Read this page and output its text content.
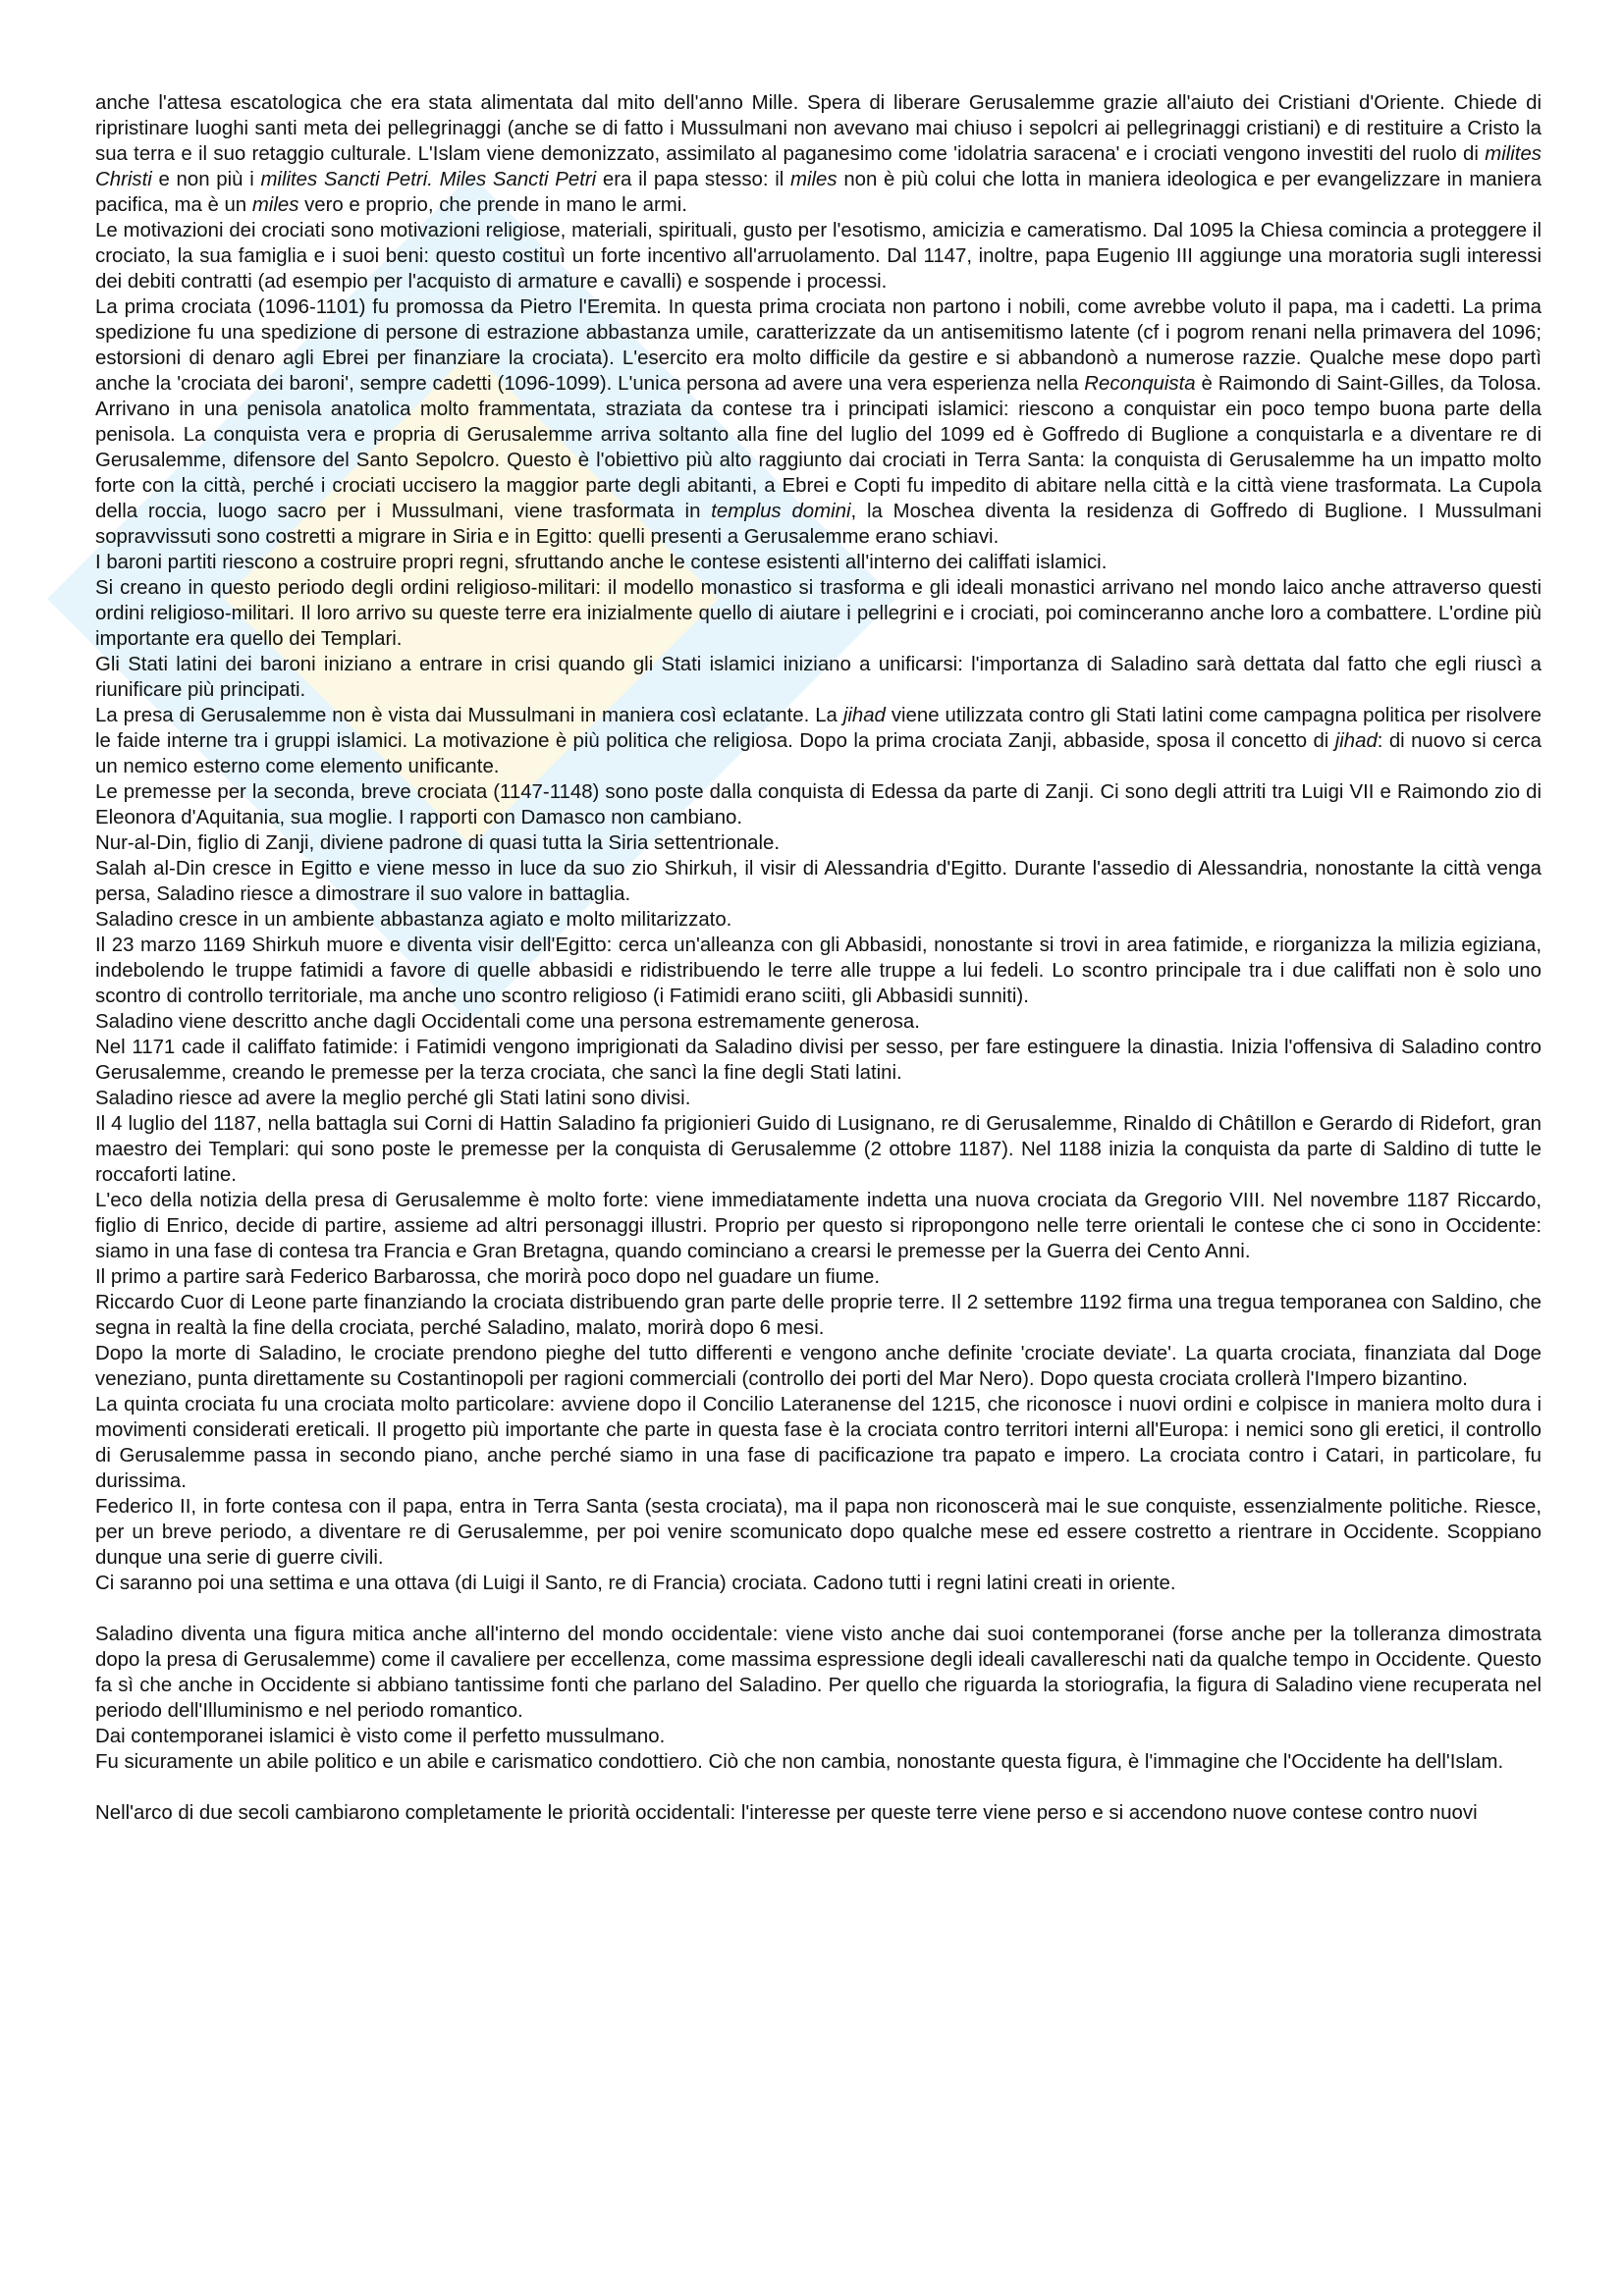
anche l'attesa escatologica che era stata alimentata dal mito dell'anno Mille. Spera di liberare Gerusalemme grazie all'aiuto dei Cristiani d'Oriente. Chiede di ripristinare luoghi santi meta dei pellegrinaggi (anche se di fatto i Mussulmani non avevano mai chiuso i sepolcri ai pellegrinaggi cristiani) e di restituire a Cristo la sua terra e il suo retaggio culturale. L'Islam viene demonizzato, assimilato al paganesimo come 'idolatria saracena' e i crociati vengono investiti del ruolo di milites Christi e non più i milites Sancti Petri. Miles Sancti Petri era il papa stesso: il miles non è più colui che lotta in maniera ideologica e per evangelizzare in maniera pacifica, ma è un miles vero e proprio, che prende in mano le armi.

Le motivazioni dei crociati sono motivazioni religiose, materiali, spirituali, gusto per l'esotismo, amicizia e cameratismo. Dal 1095 la Chiesa comincia a proteggere il crociato, la sua famiglia e i suoi beni: questo costituì un forte incentivo all'arruolamento. Dal 1147, inoltre, papa Eugenio III aggiunge una moratoria sugli interessi dei debiti contratti (ad esempio per l'acquisto di armature e cavalli) e sospende i processi.

La prima crociata (1096-1101) fu promossa da Pietro l'Eremita. In questa prima crociata non partono i nobili, come avrebbe voluto il papa, ma i cadetti. La prima spedizione fu una spedizione di persone di estrazione abbastanza umile, caratterizzate da un antisemitismo latente (cf i pogrom renani nella primavera del 1096; estorsioni di denaro agli Ebrei per finanziare la crociata). L'esercito era molto difficile da gestire e si abbandonò a numerose razzie. Qualche mese dopo partì anche la 'crociata dei baroni', sempre cadetti (1096-1099). L'unica persona ad avere una vera esperienza nella Reconquista è Raimondo di Saint-Gilles, da Tolosa. Arrivano in una penisola anatolica molto frammentata, straziata da contese tra i principati islamici: riescono a conquistar ein poco tempo buona parte della penisola. La conquista vera e propria di Gerusalemme arriva soltanto alla fine del luglio del 1099 ed è Goffredo di Buglione a conquistarla e a diventare re di Gerusalemme, difensore del Santo Sepolcro. Questo è l'obiettivo più alto raggiunto dai crociati in Terra Santa: la conquista di Gerusalemme ha un impatto molto forte con la città, perché i crociati uccisero la maggior parte degli abitanti, a Ebrei e Copti fu impedito di abitare nella città e la città viene trasformata. La Cupola della roccia, luogo sacro per i Mussulmani, viene trasformata in templus domini, la Moschea diventa la residenza di Goffredo di Buglione. I Mussulmani sopravvissuti sono costretti a migrare in Siria e in Egitto: quelli presenti a Gerusalemme erano schiavi.

I baroni partiti riescono a costruire propri regni, sfruttando anche le contese esistenti all'interno dei califfati islamici.

Si creano in questo periodo degli ordini religioso-militari: il modello monastico si trasforma e gli ideali monastici arrivano nel mondo laico anche attraverso questi ordini religioso-militari. Il loro arrivo su queste terre era inizialmente quello di aiutare i pellegrini e i crociati, poi cominceranno anche loro a combattere. L'ordine più importante era quello dei Templari.

Gli Stati latini dei baroni iniziano a entrare in crisi quando gli Stati islamici iniziano a unificarsi: l'importanza di Saladino sarà dettata dal fatto che egli riuscì a riunificare più principati.

La presa di Gerusalemme non è vista dai Mussulmani in maniera così eclatante. La jihad viene utilizzata contro gli Stati latini come campagna politica per risolvere le faide interne tra i gruppi islamici. La motivazione è più politica che religiosa. Dopo la prima crociata Zanji, abbaside, sposa il concetto di jihad: di nuovo si cerca un nemico esterno come elemento unificante.

Le premesse per la seconda, breve crociata (1147-1148) sono poste dalla conquista di Edessa da parte di Zanji. Ci sono degli attriti tra Luigi VII e Raimondo zio di Eleonora d'Aquitania, sua moglie. I rapporti con Damasco non cambiano.

Nur-al-Din, figlio di Zanji, diviene padrone di quasi tutta la Siria settentrionale.

Salah al-Din cresce in Egitto e viene messo in luce da suo zio Shirkuh, il visir di Alessandria d'Egitto. Durante l'assedio di Alessandria, nonostante la città venga persa, Saladino riesce a dimostrare il suo valore in battaglia.

Saladino cresce in un ambiente abbastanza agiato e molto militarizzato.

Il 23 marzo 1169 Shirkuh muore e diventa visir dell'Egitto: cerca un'alleanza con gli Abbasidi, nonostante si trovi in area fatimide, e riorganizza la milizia egiziana, indebolendo le truppe fatimidi a favore di quelle abbasidi e ridistribuendo le terre alle truppe a lui fedeli. Lo scontro principale tra i due califfati non è solo uno scontro di controllo territoriale, ma anche uno scontro religioso (i Fatimidi erano sciiti, gli Abbasidi sunniti).

Saladino viene descritto anche dagli Occidentali come una persona estremamente generosa.

Nel 1171 cade il califfato fatimide: i Fatimidi vengono imprigionati da Saladino divisi per sesso, per fare estinguere la dinastia. Inizia l'offensiva di Saladino contro Gerusalemme, creando le premesse per la terza crociata, che sancì la fine degli Stati latini.

Saladino riesce ad avere la meglio perché gli Stati latini sono divisi.

Il 4 luglio del 1187, nella battagla sui Corni di Hattin Saladino fa prigionieri Guido di Lusignano, re di Gerusalemme, Rinaldo di Châtillon e Gerardo di Ridefort, gran maestro dei Templari: qui sono poste le premesse per la conquista di Gerusalemme (2 ottobre 1187). Nel 1188 inizia la conquista da parte di Saldino di tutte le roccaforti latine.

L'eco della notizia della presa di Gerusalemme è molto forte: viene immediatamente indetta una nuova crociata da Gregorio VIII. Nel novembre 1187 Riccardo, figlio di Enrico, decide di partire, assieme ad altri personaggi illustri. Proprio per questo si ripropongono nelle terre orientali le contese che ci sono in Occidente: siamo in una fase di contesa tra Francia e Gran Bretagna, quando cominciano a crearsi le premesse per la Guerra dei Cento Anni.

Il primo a partire sarà Federico Barbarossa, che morirà poco dopo nel guadare un fiume.

Riccardo Cuor di Leone parte finanziando la crociata distribuendo gran parte delle proprie terre. Il 2 settembre 1192 firma una tregua temporanea con Saldino, che segna in realtà la fine della crociata, perché Saladino, malato, morirà dopo 6 mesi.

Dopo la morte di Saladino, le crociate prendono pieghe del tutto differenti e vengono anche definite 'crociate deviate'. La quarta crociata, finanziata dal Doge veneziano, punta direttamente su Costantinopoli per ragioni commerciali (controllo dei porti del Mar Nero). Dopo questa crociata crollerà l'Impero bizantino.

La quinta crociata fu una crociata molto particolare: avviene dopo il Concilio Lateranense del 1215, che riconosce i nuovi ordini e colpisce in maniera molto dura i movimenti considerati ereticali. Il progetto più importante che parte in questa fase è la crociata contro territori interni all'Europa: i nemici sono gli eretici, il controllo di Gerusalemme passa in secondo piano, anche perché siamo in una fase di pacificazione tra papato e impero. La crociata contro i Catari, in particolare, fu durissima.

Federico II, in forte contesa con il papa, entra in Terra Santa (sesta crociata), ma il papa non riconoscerà mai le sue conquiste, essenzialmente politiche. Riesce, per un breve periodo, a diventare re di Gerusalemme, per poi venire scomunicato dopo qualche mese ed essere costretto a rientrare in Occidente. Scoppiano dunque una serie di guerre civili.

Ci saranno poi una settima e una ottava (di Luigi il Santo, re di Francia) crociata. Cadono tutti i regni latini creati in oriente.

Saladino diventa una figura mitica anche all'interno del mondo occidentale: viene visto anche dai suoi contemporanei (forse anche per la tolleranza dimostrata dopo la presa di Gerusalemme) come il cavaliere per eccellenza, come massima espressione degli ideali cavallereschi nati da qualche tempo in Occidente. Questo fa sì che anche in Occidente si abbiano tantissime fonti che parlano del Saladino. Per quello che riguarda la storiografia, la figura di Saladino viene recuperata nel periodo dell'Illuminismo e nel periodo romantico.

Dai contemporanei islamici è visto come il perfetto mussulmano.

Fu sicuramente un abile politico e un abile e carismatico condottiero. Ciò che non cambia, nonostante questa figura, è l'immagine che l'Occidente ha dell'Islam.

Nell'arco di due secoli cambiarono completamente le priorità occidentali: l'interesse per queste terre viene perso e si accendono nuove contese contro nuovi
